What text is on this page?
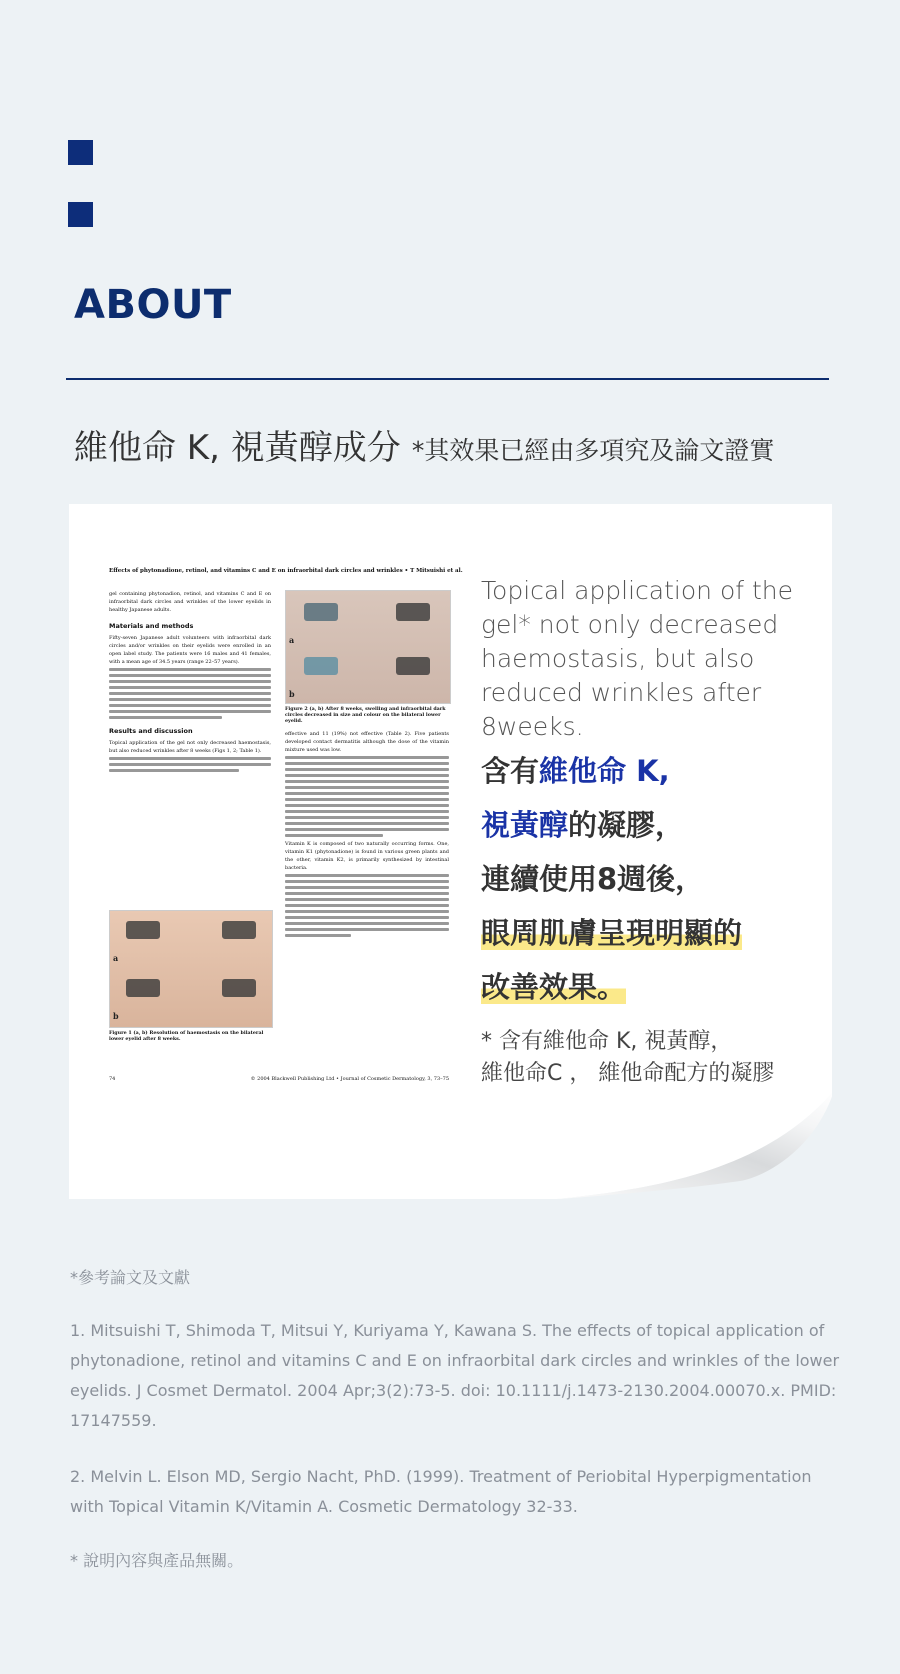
ABOUT
維他命 K, 視黃醇成分 *其效果已經由多項究及論文證實
Effects of phytonadione, retinol, and vitamins C and E on infraorbital dark circles and wrinkles • T Mitsuishi et al.
gel containing phytonadion, retinol, and vitamins C and E on infraorbital dark circles and wrinkles of the lower eyelids in healthy Japanese adults.
Materials and methods
Fifty-seven Japanese adult volunteers with infraorbital dark circles and/or wrinkles on their eyelids were enrolled in an open label study. The patients were 16 males and 41 females, with a mean age of 34.5 years (range 22–57 years).
Results and discussion
Topical application of the gel not only decreased haemostasis, but also reduced wrinkles after 8 weeks (Figs 1, 2; Table 1).
a
b
Figure 1 (a, b) Resolution of haemostasis on the bilateral lower eyelid after 8 weeks.
a
b
Figure 2 (a, b) After 8 weeks, swelling and infraorbital dark circles decreased in size and colour on the bilateral lower eyelid.
effective and 11 (19%) not effective (Table 2). Five patients developed contact dermatitis although the dose of the vitamin mixture used was low.
Vitamin K is composed of two naturally occurring forms. One, vitamin K1 (phytonadione) is found in various green plants and the other, vitamin K2, is primarily synthesized by intestinal bacteria.
74	© 2004 Blackwell Publishing Ltd • Journal of Cosmetic Dermatology, 3, 73–75
Topical application of the gel* not only decreased haemostasis, but also reduced wrinkles after 8weeks.
含有維他命 K,
視黃醇的凝膠，
連續使用8週後，
眼周肌膚呈現明顯的
改善效果。
* 含有維他命 K, 視黃醇，
維他命C ， 維他命配方的凝膠
*參考論文及文獻
1. Mitsuishi T, Shimoda T, Mitsui Y, Kuriyama Y, Kawana S. The effects of topical application of phytonadione, retinol and vitamins C and E on infraorbital dark circles and wrinkles of the lower eyelids. J Cosmet Dermatol. 2004 Apr;3(2):73-5. doi: 10.1111/j.1473-2130.2004.00070.x. PMID: 17147559.
2. Melvin L. Elson MD, Sergio Nacht, PhD. (1999). Treatment of Periobital Hyperpigmentation with Topical Vitamin K/Vitamin A. Cosmetic Dermatology 32-33.
* 說明內容與產品無關。
